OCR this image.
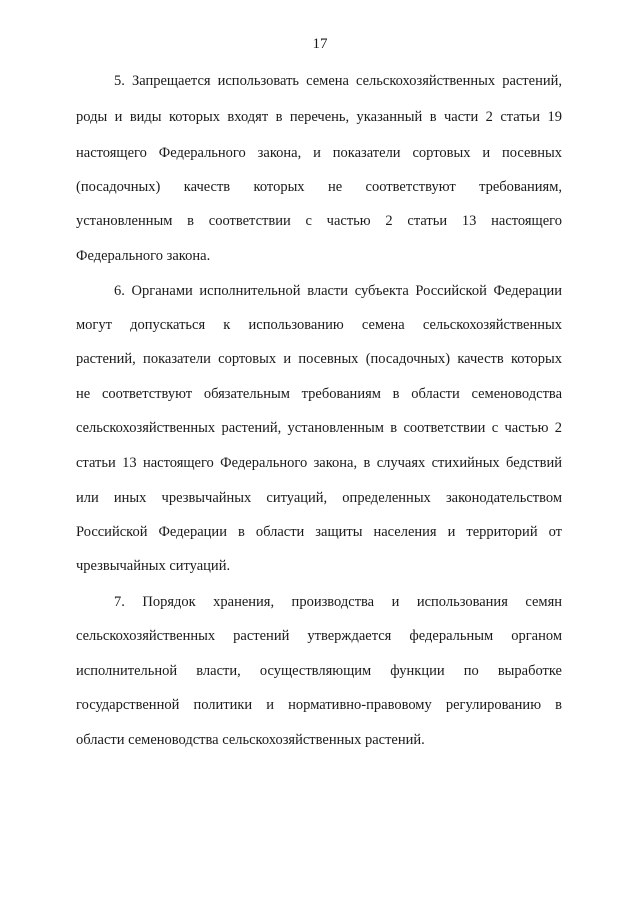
17
5. Запрещается использовать семена сельскохозяйственных растений,
роды и виды которых входят в перечень, указанный в части 2 статьи 19
настоящего Федерального закона, и показатели сортовых и посевных
(посадочных) качеств которых не соответствуют требованиям,
установленным в соответствии с частью 2 статьи 13 настоящего
Федерального закона.
6. Органами исполнительной власти субъекта Российской Федерации
могут допускаться к использованию семена сельскохозяйственных
растений, показатели сортовых и посевных (посадочных) качеств которых
не соответствуют обязательным требованиям в области семеноводства
сельскохозяйственных растений, установленным в соответствии с частью 2
статьи 13 настоящего Федерального закона, в случаях стихийных бедствий
или иных чрезвычайных ситуаций, определенных законодательством
Российской Федерации в области защиты населения и территорий от
чрезвычайных ситуаций.
7. Порядок хранения, производства и использования семян
сельскохозяйственных растений утверждается федеральным органом
исполнительной власти, осуществляющим функции по выработке
государственной политики и нормативно-правовому регулированию в
области семеноводства сельскохозяйственных растений.
